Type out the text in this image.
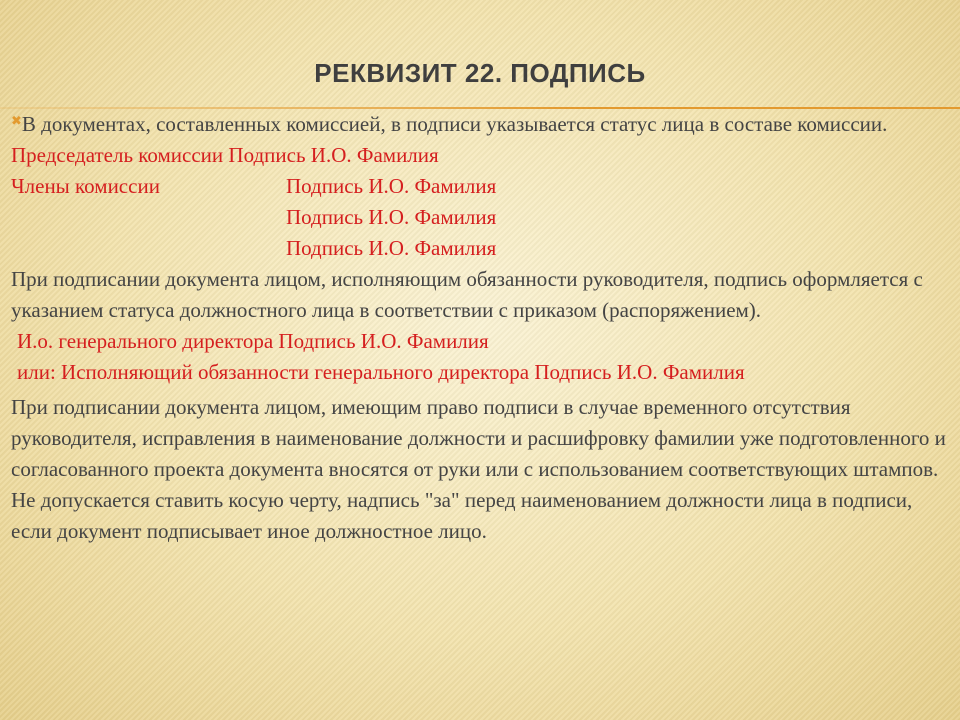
РЕКВИЗИТ 22. ПОДПИСЬ

✖В документах, составленных комиссией, в подписи указывается статус лица в составе комиссии.

Председатель комиссии Подпись И.О. Фамилия
Члены комиссии	Подпись И.О. Фамилия
Подпись И.О. Фамилия
Подпись И.О. Фамилия

При подписании документа лицом, исполняющим обязанности руководителя, подпись оформляется с указанием статуса должностного лица в соответствии с приказом (распоряжением).

И.о. генерального директора Подпись И.О. Фамилия
или: Исполняющий обязанности генерального директора Подпись И.О. Фамилия

При подписании документа лицом, имеющим право подписи в случае временного отсутствия руководителя, исправления в наименование должности и расшифровку фамилии уже подготовленного и согласованного проекта документа вносятся от руки или с использованием соответствующих штампов. Не допускается ставить косую черту, надпись "за" перед наименованием должности лица в подписи, если документ подписывает иное должностное лицо.
